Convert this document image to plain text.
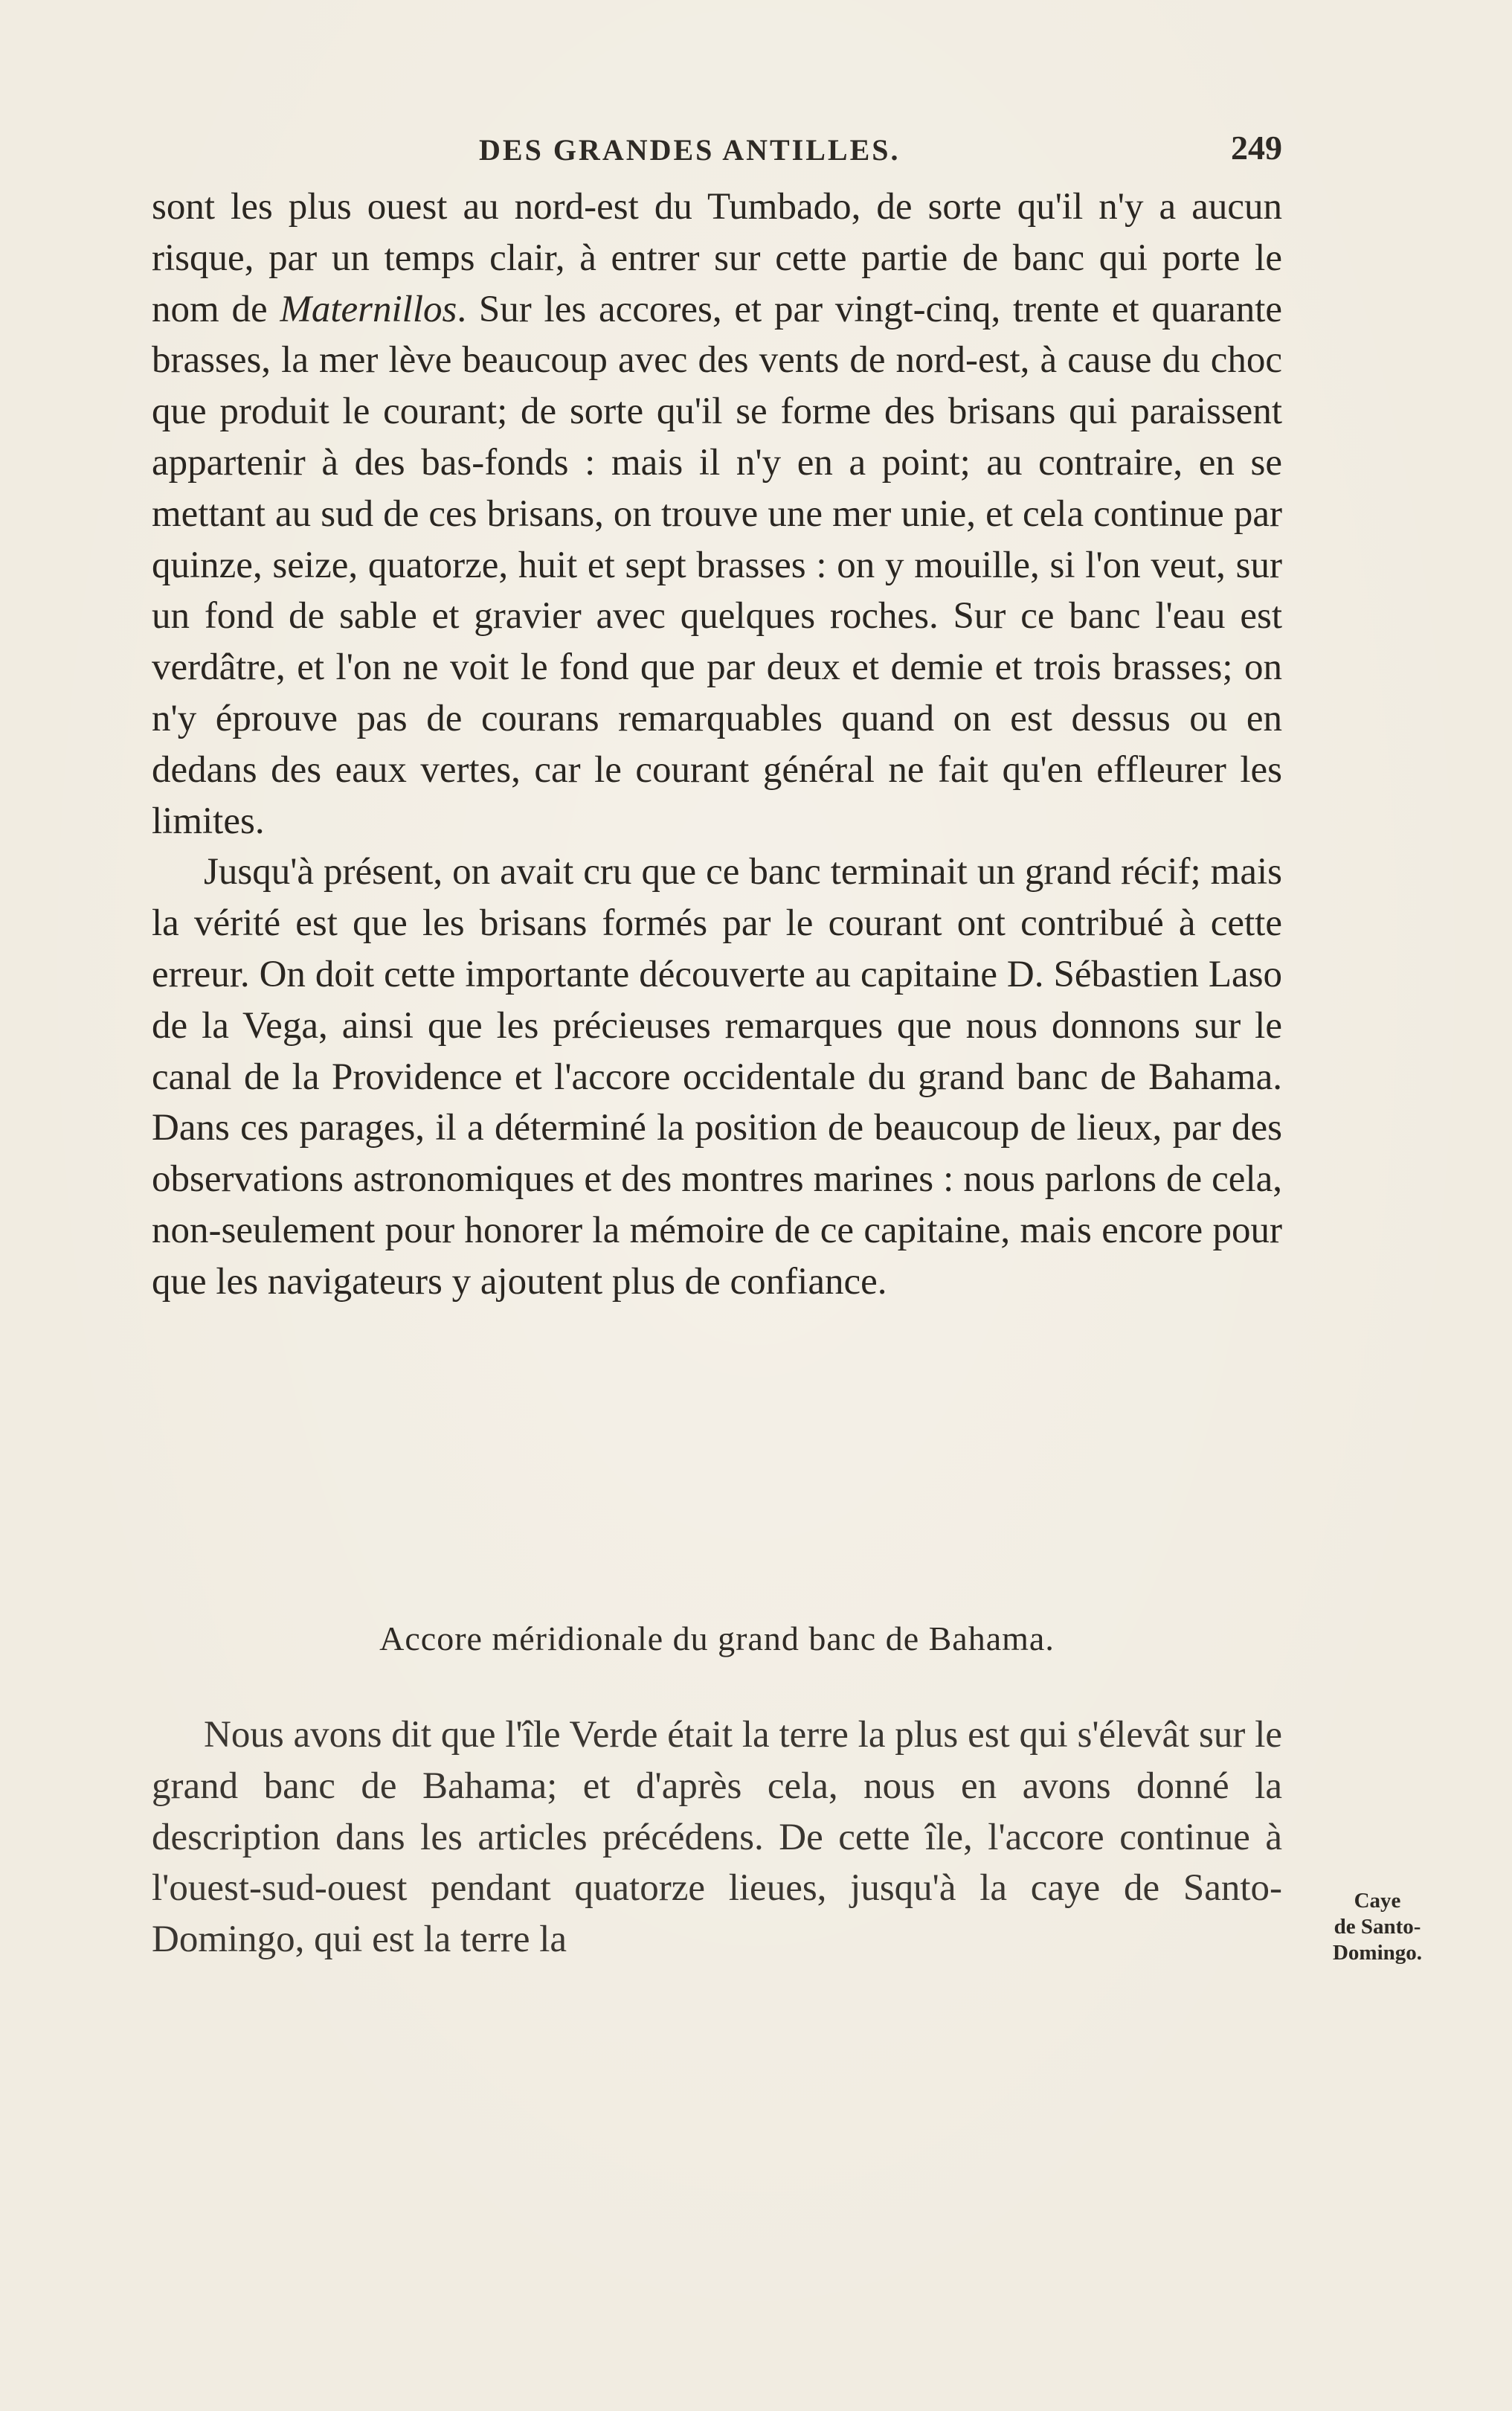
DES GRANDES ANTILLES.	249

sont les plus ouest au nord-est du Tumbado, de sorte qu'il n'y a aucun risque, par un temps clair, à entrer sur cette partie de banc qui porte le nom de Maternillos. Sur les accores, et par vingt-cinq, trente et quarante brasses, la mer lève beaucoup avec des vents de nord-est, à cause du choc que produit le courant; de sorte qu'il se forme des brisans qui paraissent appartenir à des bas-fonds : mais il n'y en a point; au contraire, en se mettant au sud de ces brisans, on trouve une mer unie, et cela continue par quinze, seize, quatorze, huit et sept brasses : on y mouille, si l'on veut, sur un fond de sable et gravier avec quelques roches. Sur ce banc l'eau est verdâtre, et l'on ne voit le fond que par deux et demie et trois brasses; on n'y éprouve pas de courans remarquables quand on est dessus ou en dedans des eaux vertes, car le courant général ne fait qu'en effleurer les limites.

Jusqu'à présent, on avait cru que ce banc terminait un grand récif; mais la vérité est que les brisans formés par le courant ont contribué à cette erreur. On doit cette importante découverte au capitaine D. Sébastien Laso de la Vega, ainsi que les précieuses remarques que nous donnons sur le canal de la Providence et l'accore occidentale du grand banc de Bahama. Dans ces parages, il a déterminé la position de beaucoup de lieux, par des observations astronomiques et des montres marines : nous parlons de cela, non-seulement pour honorer la mémoire de ce capitaine, mais encore pour que les navigateurs y ajoutent plus de confiance.

Accore méridionale du grand banc de Bahama.

Nous avons dit que l'île Verde était la terre la plus est qui s'élevât sur le grand banc de Bahama; et d'après cela, nous en avons donné la description dans les articles précédens. De cette île, l'accore continue à l'ouest-sud-ouest pendant quatorze lieues, jusqu'à la caye de Santo-Domingo, qui est la terre la

Caye
de Santo-
Domingo.
